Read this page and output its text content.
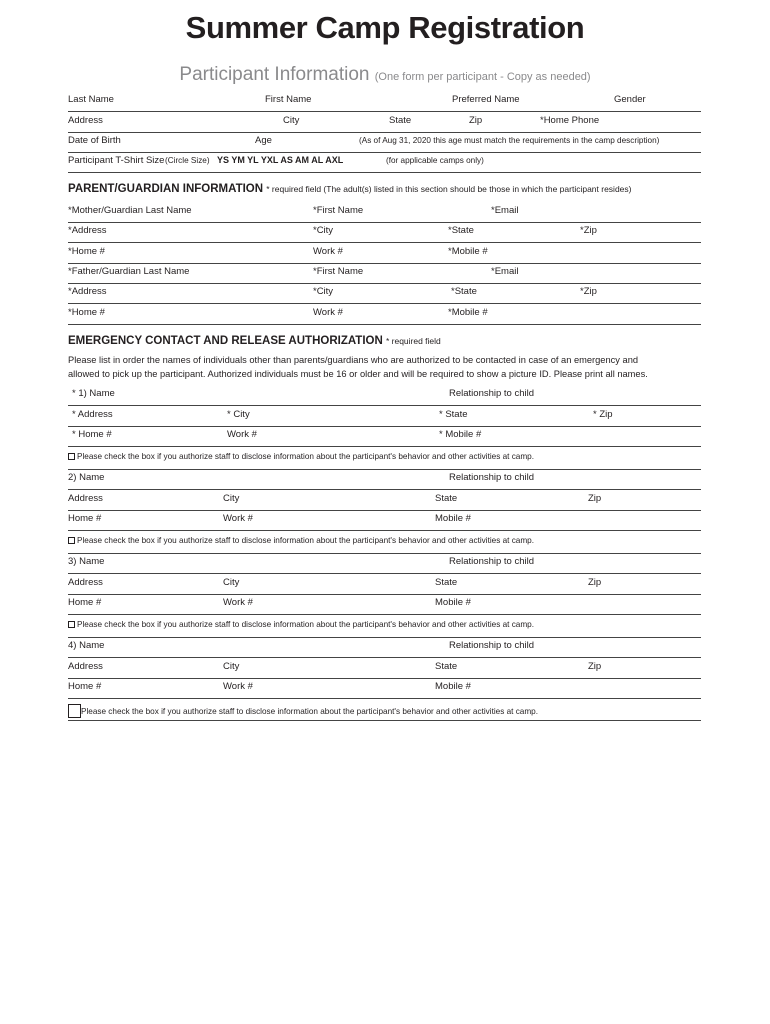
Summer Camp Registration
Participant Information (One form per participant - Copy as needed)
Last Name	First Name	Preferred Name	Gender
Address	City	State	Zip	*Home Phone
Date of Birth	Age	(As of Aug 31, 2020 this age must match the requirements in the camp description)
Participant T-Shirt Size (Circle Size) YS YM YL YXL AS AM AL AXL	(for applicable camps only)
PARENT/GUARDIAN INFORMATION * required field (The adult(s) listed in this section should be those in which the participant resides)
*Mother/Guardian Last Name	*First Name	*Email
*Address	*City	*State	*Zip
*Home #	Work #	*Mobile #
*Father/Guardian Last Name	*First Name	*Email
*Address	*City	*State	*Zip
*Home #	Work #	*Mobile #
EMERGENCY CONTACT AND RELEASE AUTHORIZATION * required field
Please list in order the names of individuals other than parents/guardians who are authorized to be contacted in case of an emergency and
allowed to pick up the participant. Authorized individuals must be 16 or older and will be required to show a picture ID. Please print all names.
* 1) Name	Relationship to child
* Address	* City	* State	* Zip
* Home #	Work #	* Mobile #
Please check the box if you authorize staff to disclose information about the participant's behavior and other activities at camp.
2) Name	Relationship to child
Address	City	State	Zip
Home #	Work #	Mobile #
Please check the box if you authorize staff to disclose information about the participant's behavior and other activities at camp.
3) Name	Relationship to child
Address	City	State	Zip
Home #	Work #	Mobile #
Please check the box if you authorize staff to disclose information about the participant's behavior and other activities at camp.
4) Name	Relationship to child
Address	City	State	Zip
Home #	Work #	Mobile #
Please check the box if you authorize staff to disclose information about the participant's behavior and other activities at camp.
